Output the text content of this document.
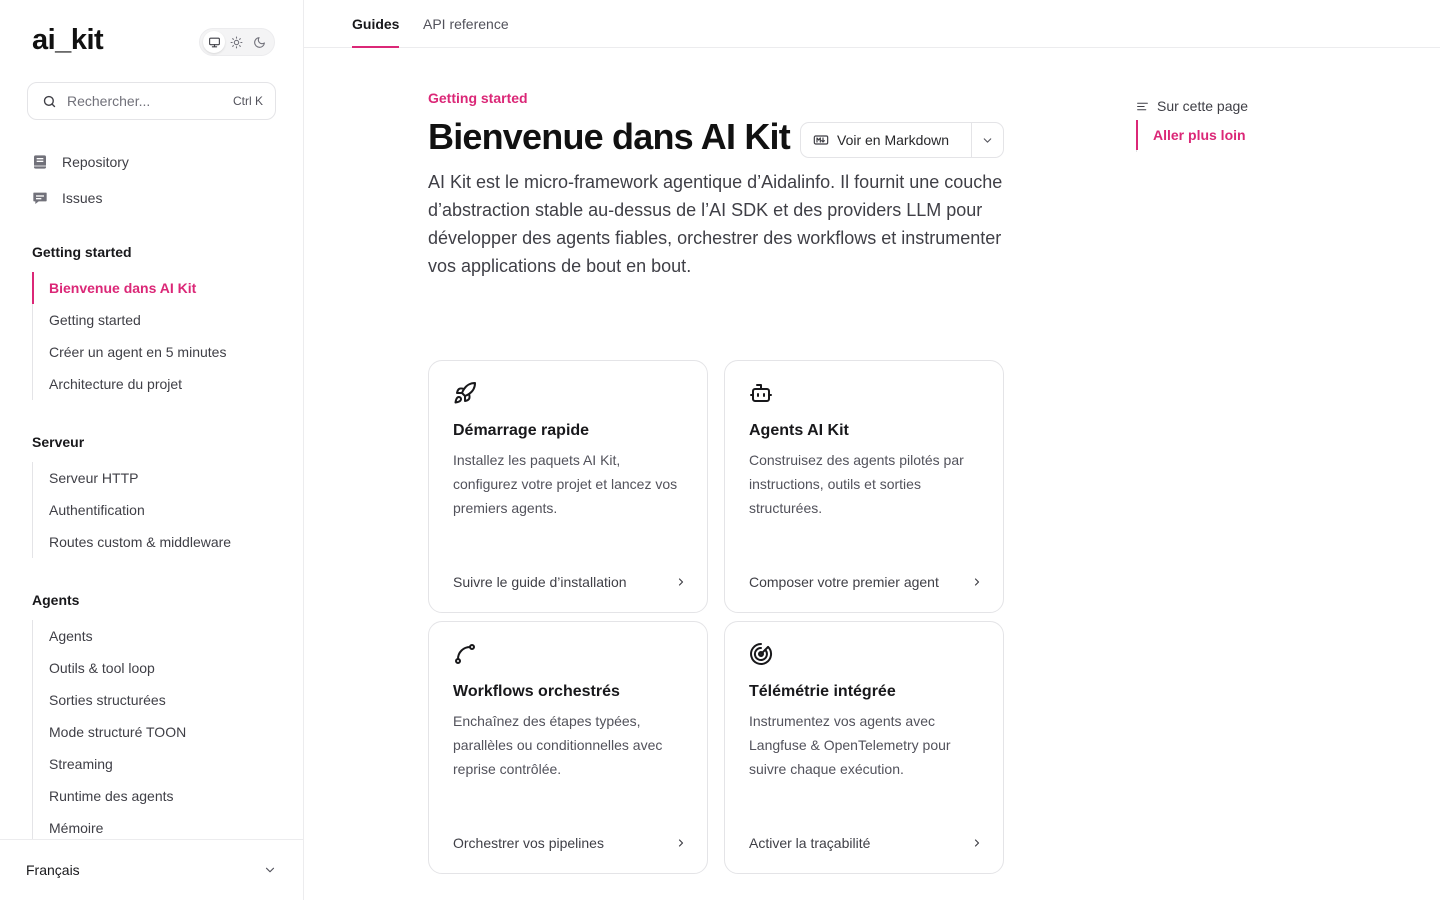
ai_kit
Rechercher...	Ctrl K
Repository
Issues
Getting started
Bienvenue dans AI Kit
Getting started
Créer un agent en 5 minutes
Architecture du projet
Serveur
Serveur HTTP
Authentification
Routes custom & middleware
Agents
Agents
Outils & tool loop
Sorties structurées
Mode structuré TOON
Streaming
Runtime des agents
Mémoire
Français
Guides API reference
Getting started
Bienvenue dans AI Kit	Voir en Markdown

AI Kit est le micro-framework agentique d’Aidalinfo. Il fournit une couche d’abstraction stable au-dessus de l’AI SDK et des providers LLM pour développer des agents fiables, orchestrer des workflows et instrumenter vos applications de bout en bout.

Démarrage rapide
Installez les paquets AI Kit, configurez votre projet et lancez vos premiers agents.
Suivre le guide d’installation
Agents AI Kit
Construisez des agents pilotés par instructions, outils et sorties structurées.
Composer votre premier agent
Workflows orchestrés
Enchaînez des étapes typées, parallèles ou conditionnelles avec reprise contrôlée.
Orchestrer vos pipelines
Télémétrie intégrée
Instrumentez vos agents avec Langfuse & OpenTelemetry pour suivre chaque exécution.
Activer la traçabilité
Sur cette page
Aller plus loin
